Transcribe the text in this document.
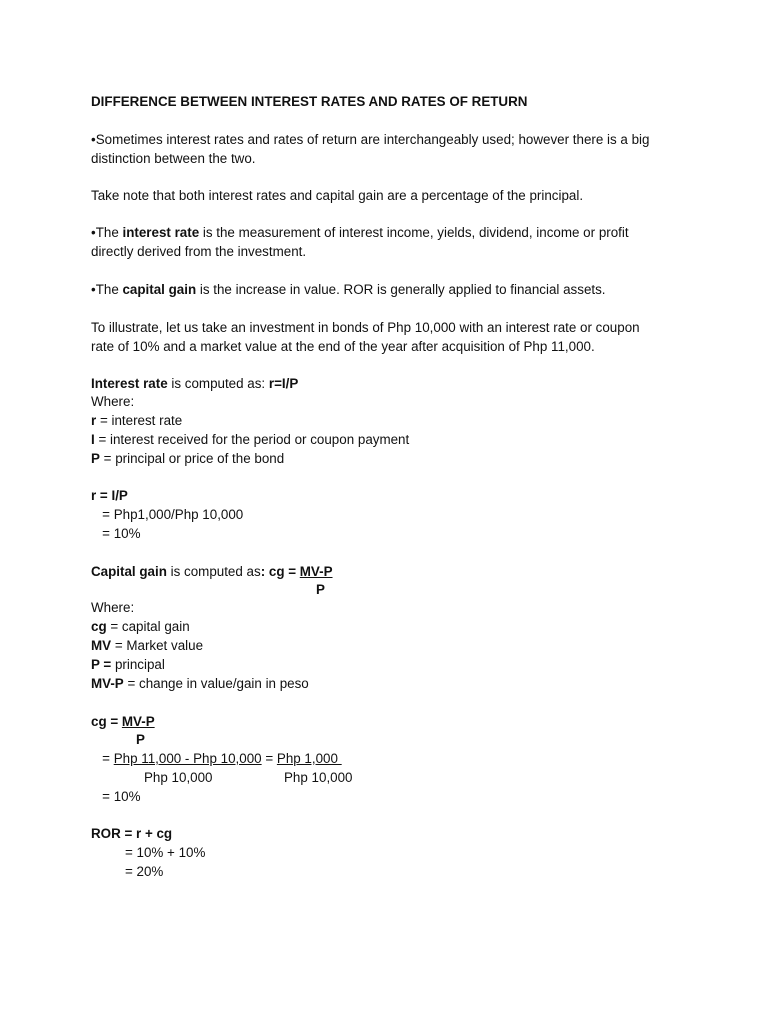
DIFFERENCE BETWEEN INTEREST RATES AND RATES OF RETURN
•Sometimes interest rates and rates of return are interchangeably used; however there is a big
distinction between the two.
Take note that both interest rates and capital gain are a percentage of the principal.
•The interest rate is the measurement of interest income, yields, dividend, income or profit
directly derived from the investment.
•The capital gain is the increase in value. ROR is generally applied to financial assets.
To illustrate, let us take an investment in bonds of Php 10,000 with an interest rate or coupon
rate of 10% and a market value at the end of the year after acquisition of Php 11,000.
Interest rate is computed as: r=I/P
Where:
r = interest rate
I = interest received for the period or coupon payment
P = principal or price of the bond
r = I/P
= Php1,000/Php 10,000
= 10%
Capital gain is computed as: cg = MV-P
P
Where:
cg = capital gain
MV = Market value
P = principal
MV-P = change in value/gain in peso
cg = MV-P
P
= Php 11,000 - Php 10,000 = Php 1,000
Php 10,000	Php 10,000
= 10%
ROR = r + cg
= 10% + 10%
= 20%
